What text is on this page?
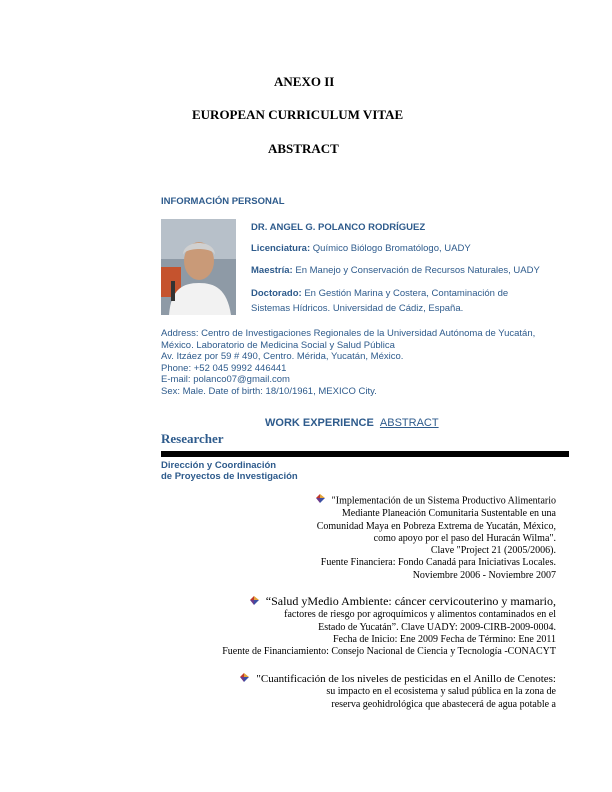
ANEXO II
EUROPEAN CURRICULUM VITAE
ABSTRACT
INFORMACIÓN PERSONAL
DR. ANGEL G. POLANCO RODRÍGUEZ
Licenciatura: Químico Biólogo Bromatólogo, UADY
Maestría: En Manejo y Conservación de Recursos Naturales, UADY
Doctorado: En Gestión Marina y Costera, Contaminación de
Sistemas Hídricos. Universidad de Cádiz, España.
Address: Centro de Investigaciones Regionales de la Universidad Autónoma de Yucatán,
México. Laboratorio de Medicina Social y Salud Pública
Av. Itzáez por 59 # 490, Centro. Mérida, Yucatán, México.
Phone: +52 045 9992 446441
E-mail: polanco07@gmail.com
Sex: Male. Date of birth: 18/10/1961, MEXICO City.
WORK EXPERIENCE ABSTRACT
Researcher
Dirección y Coordinación
de Proyectos de Investigación
"Implementación de un Sistema Productivo Alimentario
Mediante Planeación Comunitaria Sustentable en una
Comunidad Maya en Pobreza Extrema de Yucatán, México,
como apoyo por el paso del Huracán Wilma".
Clave "Project 21 (2005/2006).
Fuente Financiera: Fondo Canadá para Iniciativas Locales.
Noviembre 2006 - Noviembre 2007
“Salud yMedio Ambiente: cáncer cervicouterino y mamario,
factores de riesgo por agroquímicos y alimentos contaminados en el
Estado de Yucatán”. Clave UADY: 2009-CIRB-2009-0004.
Fecha de Inicio: Ene 2009 Fecha de Término: Ene 2011
Fuente de Financiamiento: Consejo Nacional de Ciencia y Tecnología -CONACYT
"Cuantificación de los niveles de pesticidas en el Anillo de Cenotes:
su impacto en el ecosistema y salud pública en la zona de
reserva geohidrológica que abastecerá de agua potable a
